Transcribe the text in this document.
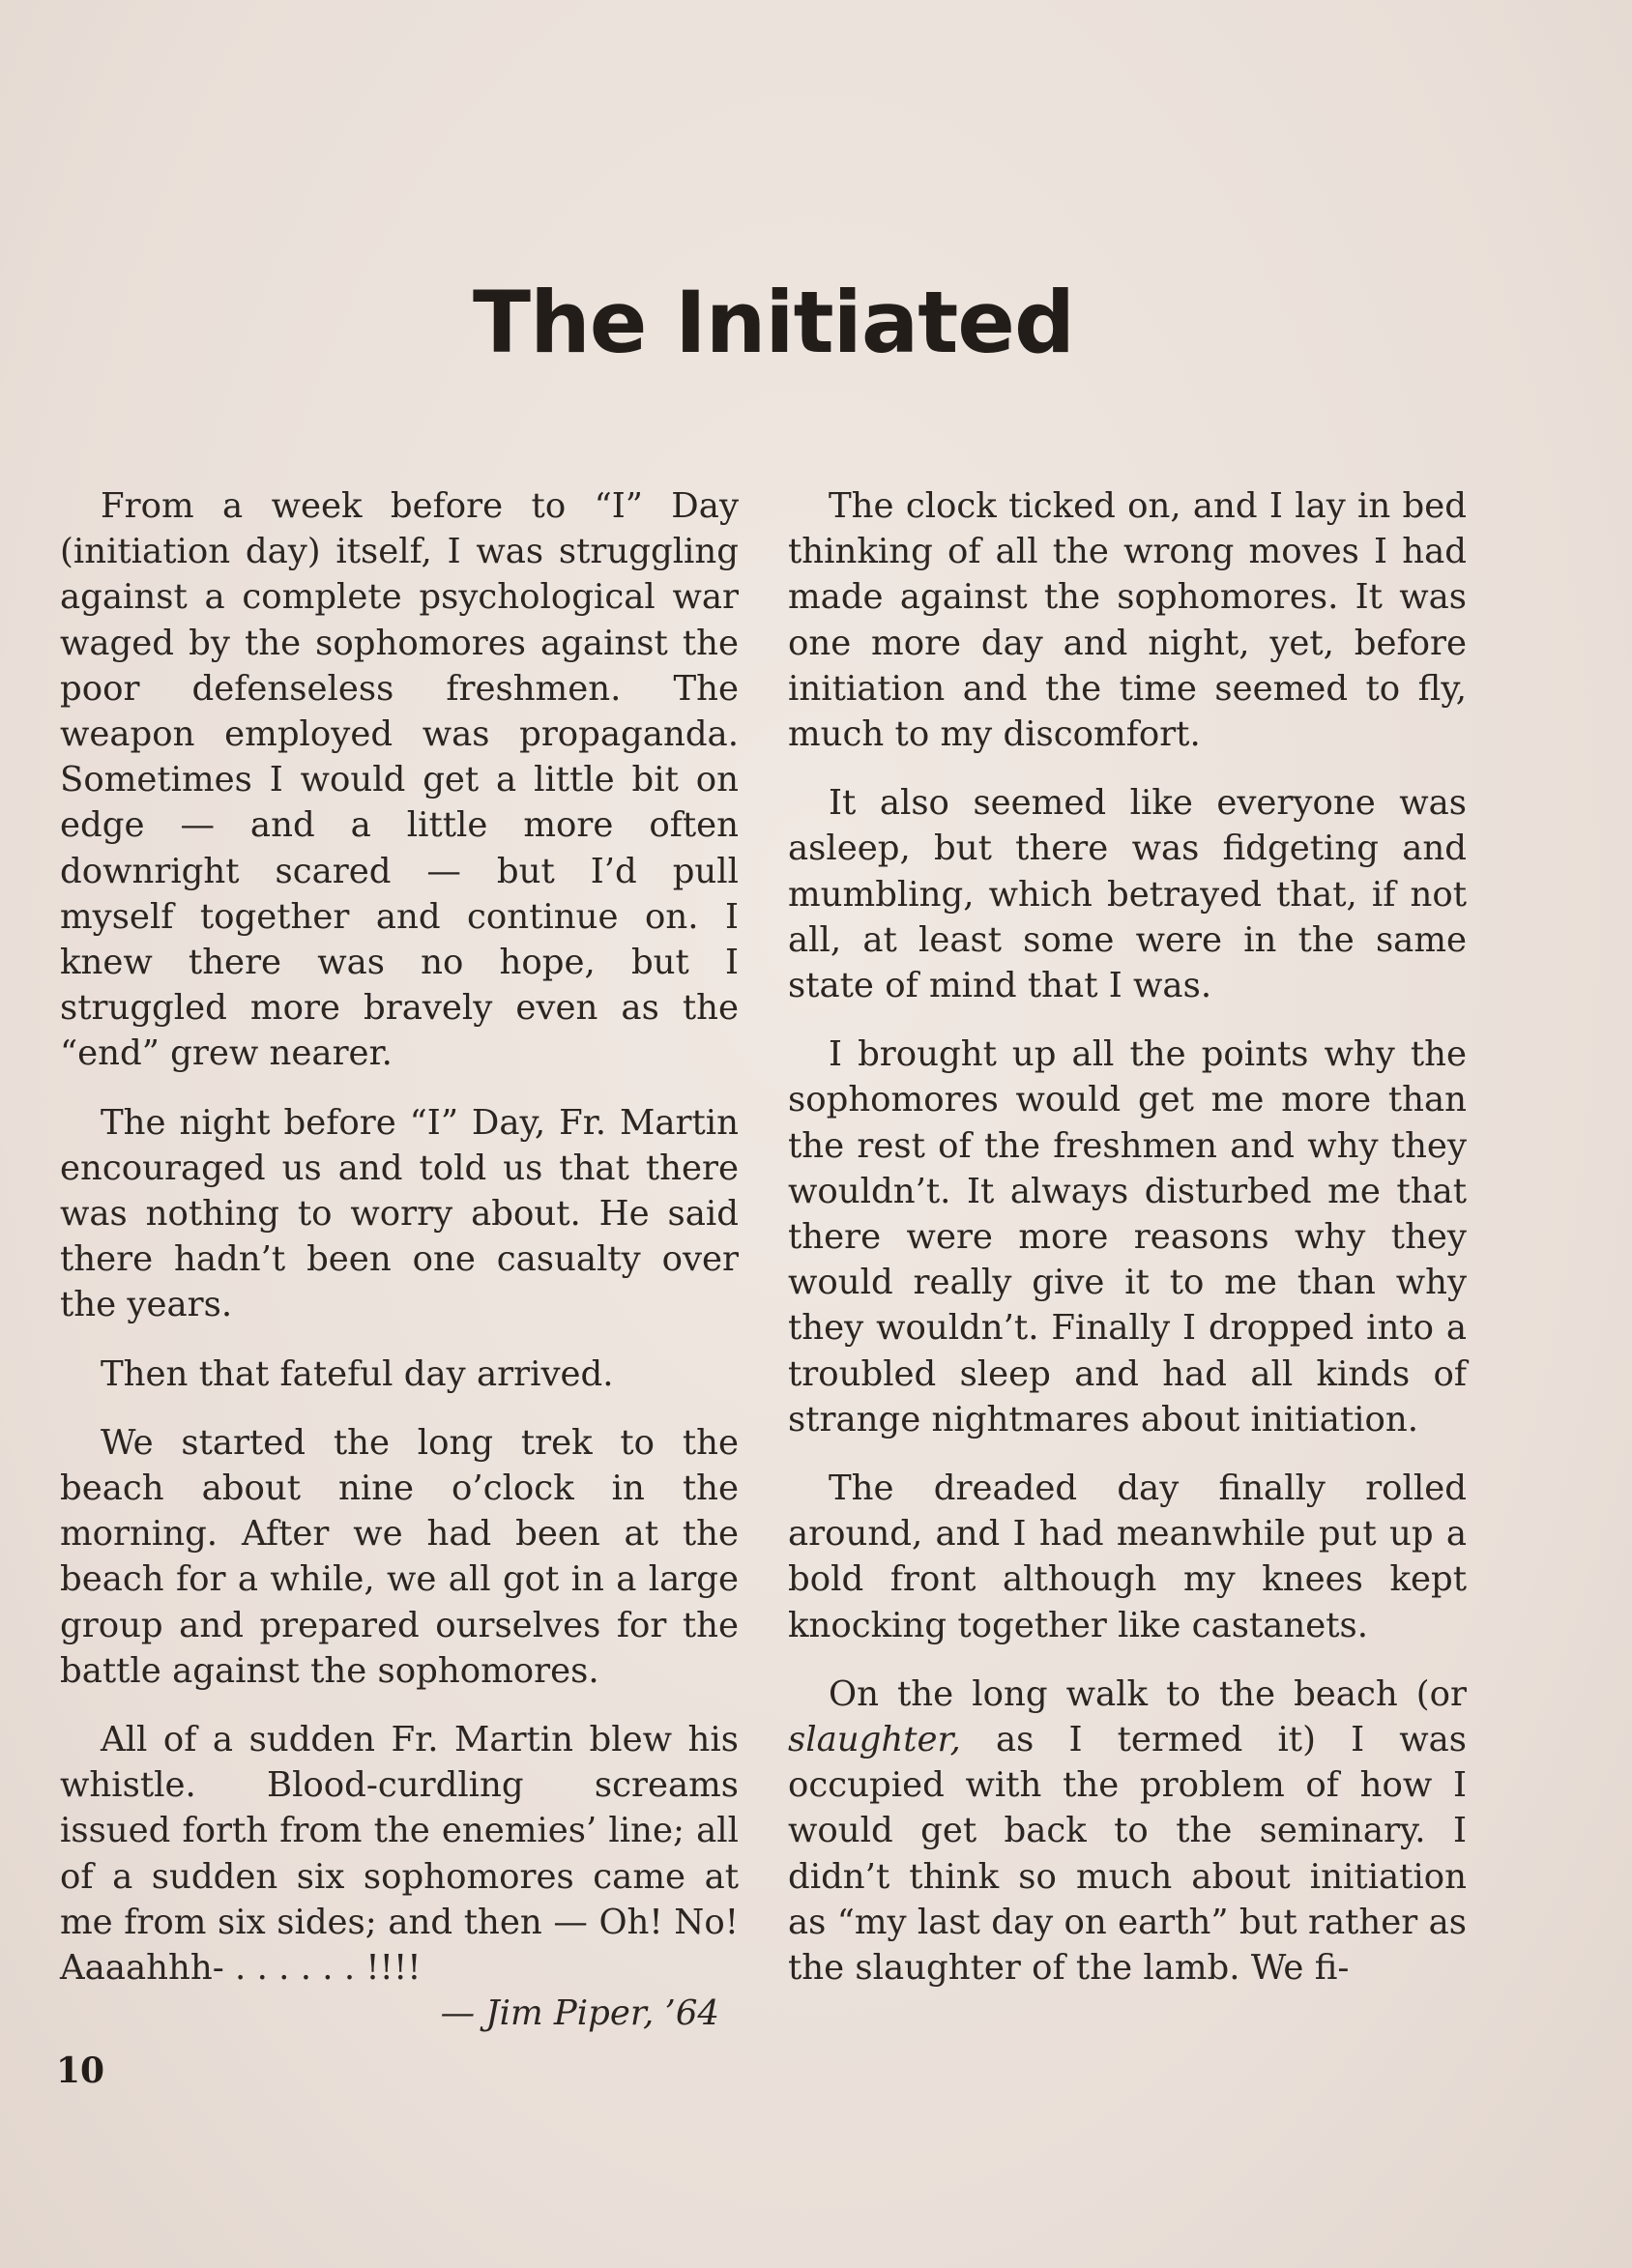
The Initiated

From a week before to “I” Day (initiation day) itself, I was struggling against a complete psychological war waged by the sophomores against the poor defenseless freshmen. The weapon employed was propaganda. Sometimes I would get a little bit on edge — and a little more often downright scared — but I’d pull myself together and continue on. I knew there was no hope, but I struggled more bravely even as the “end” grew nearer.

The night before “I” Day, Fr. Martin encouraged us and told us that there was nothing to worry about. He said there hadn’t been one casualty over the years.

Then that fateful day arrived.

We started the long trek to the beach about nine o’clock in the morning. After we had been at the beach for a while, we all got in a large group and prepared ourselves for the battle against the sophomores.

All of a sudden Fr. Martin blew his whistle. Blood-curdling screams issued forth from the enemies’ line; all of a sudden six sophomores came at me from six sides; and then — Oh! No! Aaaahhh- . . . . . . !!!!

— Jim Piper, ’64

The clock ticked on, and I lay in bed thinking of all the wrong moves I had made against the sophomores. It was one more day and night, yet, before initiation and the time seemed to fly, much to my discomfort.

It also seemed like everyone was asleep, but there was fidgeting and mumbling, which betrayed that, if not all, at least some were in the same state of mind that I was.

I brought up all the points why the sophomores would get me more than the rest of the freshmen and why they wouldn’t. It always disturbed me that there were more reasons why they would really give it to me than why they wouldn’t. Finally I dropped into a troubled sleep and had all kinds of strange nightmares about initiation.

The dreaded day finally rolled around, and I had meanwhile put up a bold front although my knees kept knocking together like castanets.

On the long walk to the beach (or slaughter, as I termed it) I was occupied with the problem of how I would get back to the seminary. I didn’t think so much about initiation as “my last day on earth” but rather as the slaughter of the lamb. We fi-

10
